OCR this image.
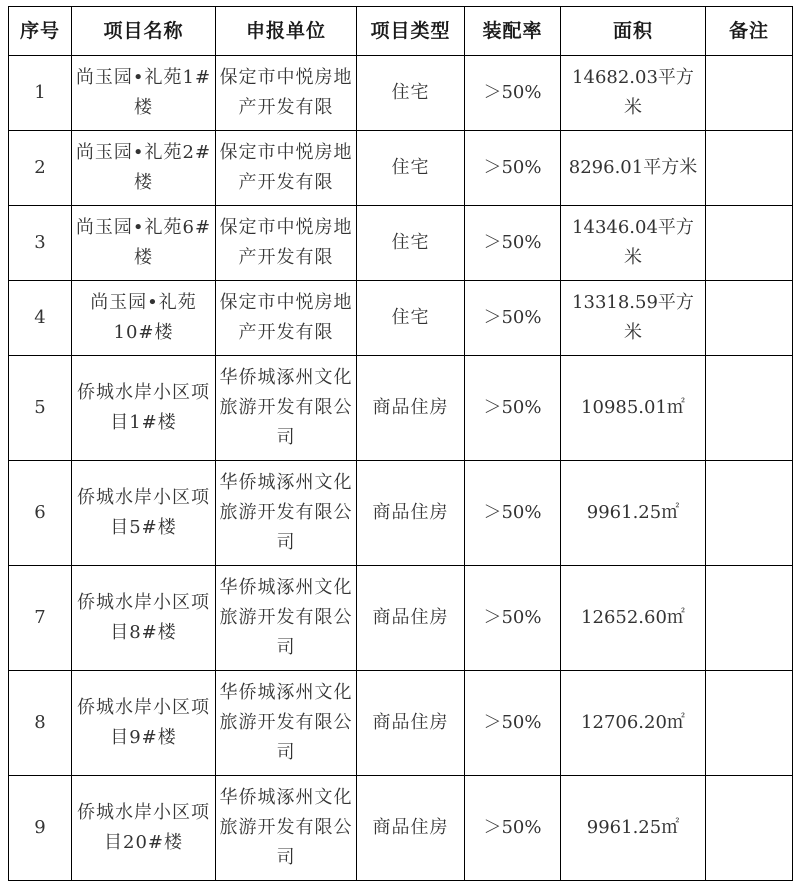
序号	项目名称	申报单位	项目类型	装配率	面积	备注
1	尚玉园•礼苑1#楼	保定市中悦房地产开发有限	住宅	＞50%	14682.03平方米	
2	尚玉园•礼苑2#楼	保定市中悦房地产开发有限	住宅	＞50%	8296.01平方米	
3	尚玉园•礼苑6#楼	保定市中悦房地产开发有限	住宅	＞50%	14346.04平方米	
4	尚玉园•礼苑10#楼	保定市中悦房地产开发有限	住宅	＞50%	13318.59平方米	
5	侨城水岸小区项目1#楼	华侨城涿州文化旅游开发有限公司	商品住房	＞50%	10985.01㎡	
6	侨城水岸小区项目5#楼	华侨城涿州文化旅游开发有限公司	商品住房	＞50%	9961.25㎡	
7	侨城水岸小区项目8#楼	华侨城涿州文化旅游开发有限公司	商品住房	＞50%	12652.60㎡	
8	侨城水岸小区项目9#楼	华侨城涿州文化旅游开发有限公司	商品住房	＞50%	12706.20㎡	
9	侨城水岸小区项目20#楼	华侨城涿州文化旅游开发有限公司	商品住房	＞50%	9961.25㎡	
